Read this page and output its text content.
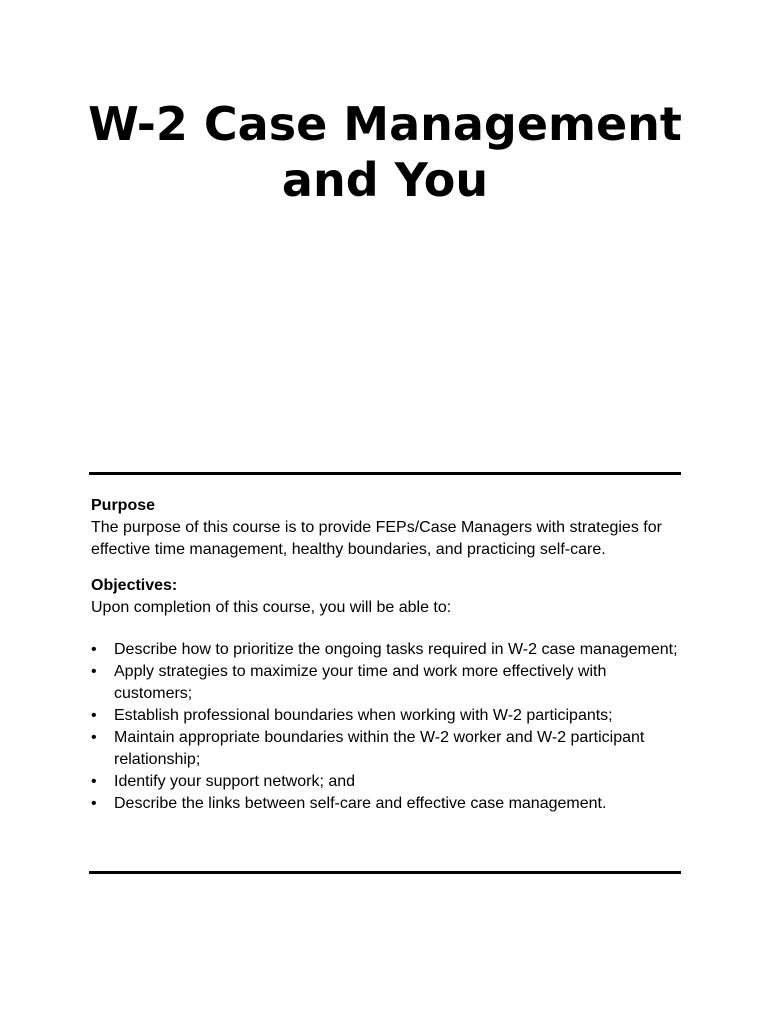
W-2 Case Management
and You

Purpose

The purpose of this course is to provide FEPs/Case Managers with strategies for effective time management, healthy boundaries, and practicing self-care.

Objectives:

Upon completion of this course, you will be able to:

• Describe how to prioritize the ongoing tasks required in W-2 case management;
• Apply strategies to maximize your time and work more effectively with customers;
• Establish professional boundaries when working with W-2 participants;
• Maintain appropriate boundaries within the W-2 worker and W-2 participant relationship;
• Identify your support network; and
• Describe the links between self-care and effective case management.
